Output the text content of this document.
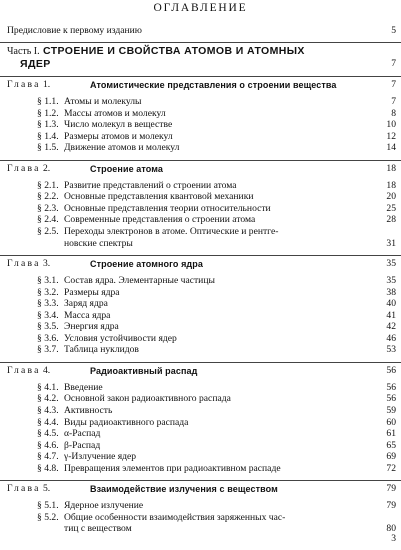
ОГЛАВЛЕНИЕ
Предисловие к первому изданию	5
Часть I. СТРОЕНИЕ И СВОЙСТВА АТОМОВ И АТОМНЫХ
ЯДЕР	7
Глава 1.	Атомистические представления о строении вещества	7
§ 1.1. Атомы и молекулы	7
§ 1.2. Массы атомов и молекул	8
§ 1.3. Число молекул в веществе	10
§ 1.4. Размеры атомов и молекул	12
§ 1.5. Движение атомов и молекул	14
Глава 2.	Строение атома	18
§ 2.1. Развитие представлений о строении атома	18
§ 2.2. Основные представления квантовой механики	20
§ 2.3. Основные представления теории относительности	25
§ 2.4. Современные представления о строении атома	28
§ 2.5. Переходы электронов в атоме. Оптические и рентге-
новские спектры	31
Глава 3.	Строение атомного ядра	35
§ 3.1. Состав ядра. Элементарные частицы	35
§ 3.2. Размеры ядра	38
§ 3.3. Заряд ядра	40
§ 3.4. Масса ядра	41
§ 3.5. Энергия ядра	42
§ 3.6. Условия устойчивости ядер	46
§ 3.7. Таблица нуклидов	53
Глава 4.	Радиоактивный распад	56
§ 4.1. Введение	56
§ 4.2. Основной закон радиоактивного распада	56
§ 4.3. Активность	59
§ 4.4. Виды радиоактивного распада	60
§ 4.5. α-Распад	61
§ 4.6. β-Распад	65
§ 4.7. γ-Излучение ядер	69
§ 4.8. Превращения элементов при радиоактивном распаде	72
Глава 5.	Взаимодействие излучения с веществом	79
§ 5.1. Ядерное излучение	79
§ 5.2. Общие особенности взаимодействия заряженных час-
тиц с веществом	80
3
